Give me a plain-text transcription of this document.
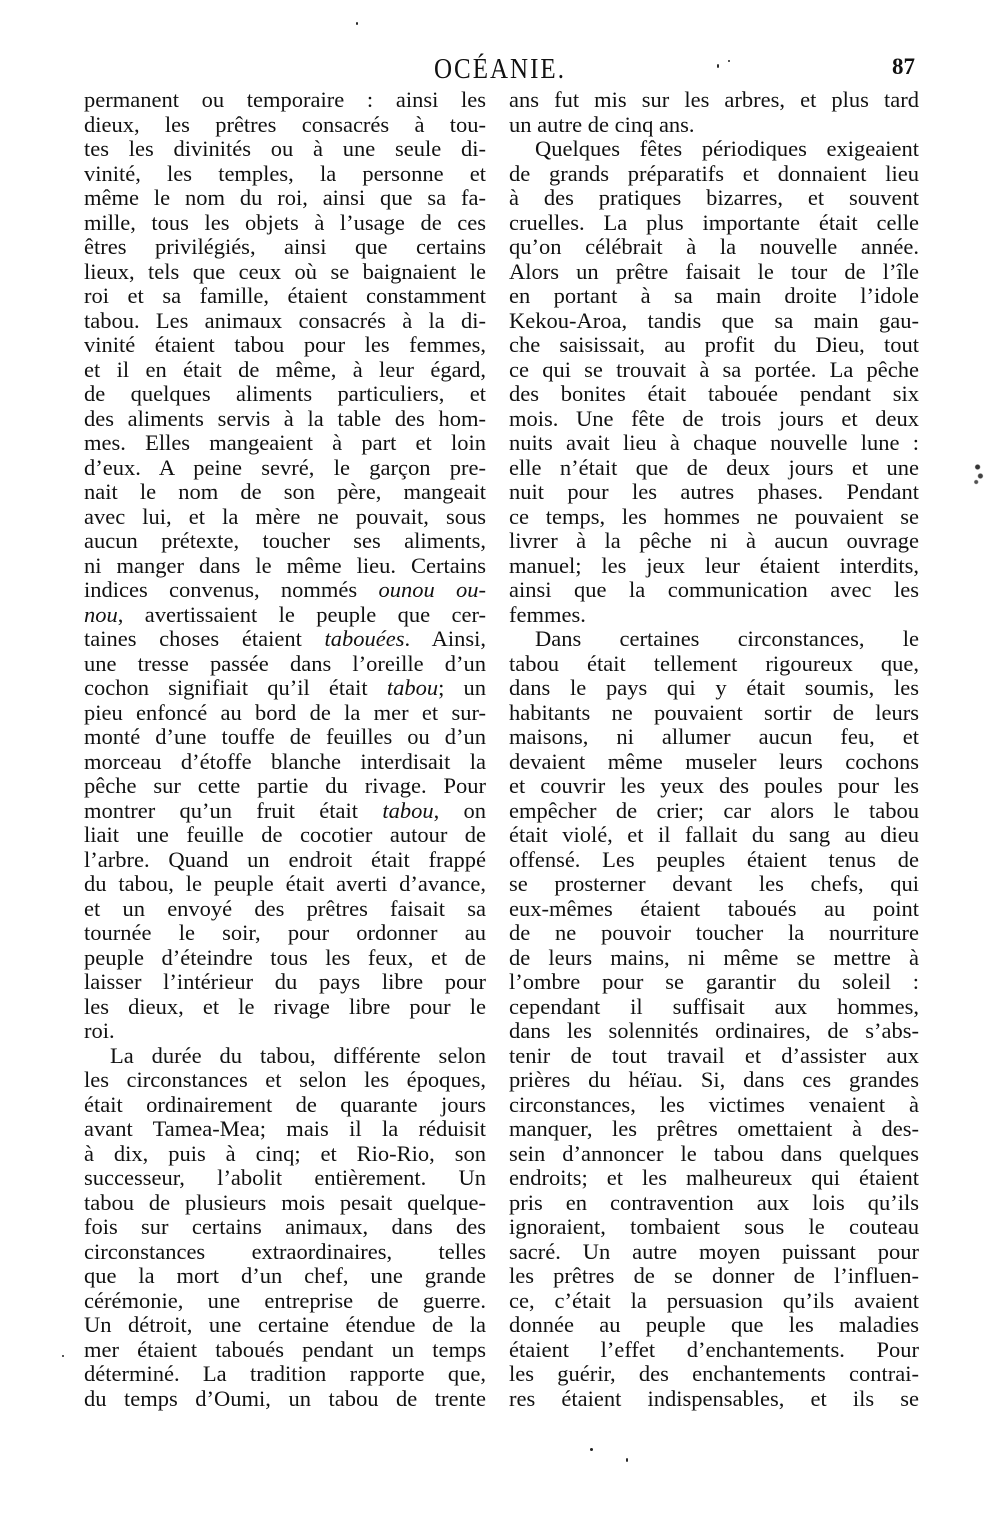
OCÉANIE.	87
permanent ou temporaire : ainsi les
dieux, les prêtres consacrés à tou-
tes les divinités ou à une seule di-
vinité, les temples, la personne et
même le nom du roi, ainsi que sa fa-
mille, tous les objets à l’usage de ces
êtres privilégiés, ainsi que certains
lieux, tels que ceux où se baignaient le
roi et sa famille, étaient constamment
tabou. Les animaux consacrés à la di-
vinité étaient tabou pour les femmes,
et il en était de même, à leur égard,
de quelques aliments particuliers, et
des aliments servis à la table des hom-
mes. Elles mangeaient à part et loin
d’eux. A peine sevré, le garçon pre-
nait le nom de son père, mangeait
avec lui, et la mère ne pouvait, sous
aucun prétexte, toucher ses aliments,
ni manger dans le même lieu. Certains
indices convenus, nommés ounou ou-
nou, avertissaient le peuple que cer-
taines choses étaient tabouées. Ainsi,
une tresse passée dans l’oreille d’un
cochon signifiait qu’il était tabou; un
pieu enfoncé au bord de la mer et sur-
monté d’une touffe de feuilles ou d’un
morceau d’étoffe blanche interdisait la
pêche sur cette partie du rivage. Pour
montrer qu’un fruit était tabou, on
liait une feuille de cocotier autour de
l’arbre. Quand un endroit était frappé
du tabou, le peuple était averti d’avance,
et un envoyé des prêtres faisait sa
tournée le soir, pour ordonner au
peuple d’éteindre tous les feux, et de
laisser l’intérieur du pays libre pour
les dieux, et le rivage libre pour le
roi.
La durée du tabou, différente selon
les circonstances et selon les époques,
était ordinairement de quarante jours
avant Tamea-Mea; mais il la réduisit
à dix, puis à cinq; et Rio-Rio, son
successeur, l’abolit entièrement. Un
tabou de plusieurs mois pesait quelque-
fois sur certains animaux, dans des
circonstances extraordinaires, telles
que la mort d’un chef, une grande
cérémonie, une entreprise de guerre.
Un détroit, une certaine étendue de la
mer étaient taboués pendant un temps
déterminé. La tradition rapporte que,
du temps d’Oumi, un tabou de trente
ans fut mis sur les arbres, et plus tard
un autre de cinq ans.
Quelques fêtes périodiques exigeaient
de grands préparatifs et donnaient lieu
à des pratiques bizarres, et souvent
cruelles. La plus importante était celle
qu’on célébrait à la nouvelle année.
Alors un prêtre faisait le tour de l’île
en portant à sa main droite l’idole
Kekou-Aroa, tandis que sa main gau-
che saisissait, au profit du Dieu, tout
ce qui se trouvait à sa portée. La pêche
des bonites était tabouée pendant six
mois. Une fête de trois jours et deux
nuits avait lieu à chaque nouvelle lune :
elle n’était que de deux jours et une
nuit pour les autres phases. Pendant
ce temps, les hommes ne pouvaient se
livrer à la pêche ni à aucun ouvrage
manuel; les jeux leur étaient interdits,
ainsi que la communication avec les
femmes.
Dans certaines circonstances, le
tabou était tellement rigoureux que,
dans le pays qui y était soumis, les
habitants ne pouvaient sortir de leurs
maisons, ni allumer aucun feu, et
devaient même museler leurs cochons
et couvrir les yeux des poules pour les
empêcher de crier; car alors le tabou
était violé, et il fallait du sang au dieu
offensé. Les peuples étaient tenus de
se prosterner devant les chefs, qui
eux-mêmes étaient taboués au point
de ne pouvoir toucher la nourriture
de leurs mains, ni même se mettre à
l’ombre pour se garantir du soleil :
cependant il suffisait aux hommes,
dans les solennités ordinaires, de s’abs-
tenir de tout travail et d’assister aux
prières du héïau. Si, dans ces grandes
circonstances, les victimes venaient à
manquer, les prêtres omettaient à des-
sein d’annoncer le tabou dans quelques
endroits; et les malheureux qui étaient
pris en contravention aux lois qu’ils
ignoraient, tombaient sous le couteau
sacré. Un autre moyen puissant pour
les prêtres de se donner de l’influen-
ce, c’était la persuasion qu’ils avaient
donnée au peuple que les maladies
étaient l’effet d’enchantements. Pour
les guérir, des enchantements contrai-
res étaient indispensables, et ils se
